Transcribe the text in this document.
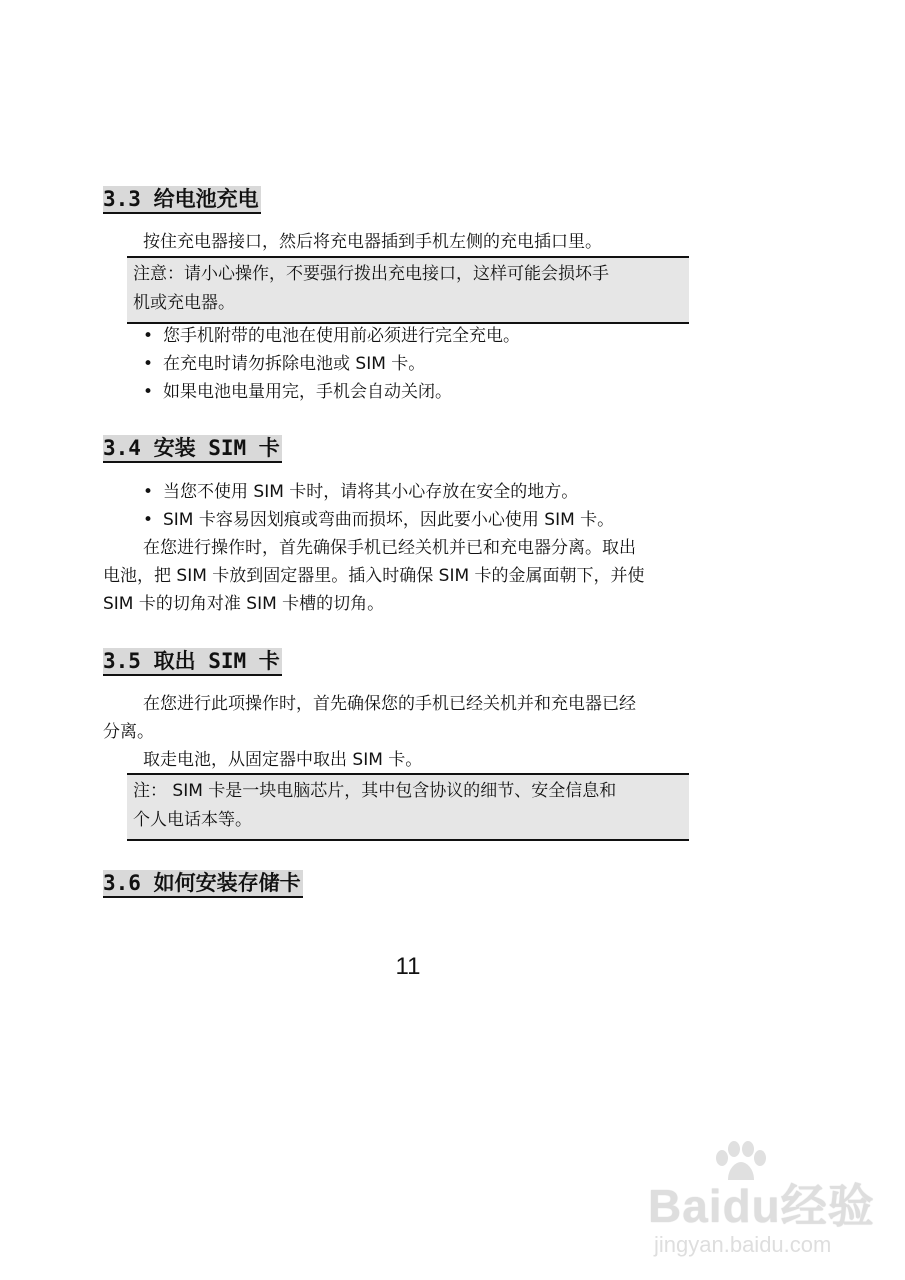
3.3 给电池充电
按住充电器接口，然后将充电器插到手机左侧的充电插口里。
注意：请小心操作，不要强行拨出充电接口，这样可能会损坏手
机或充电器。
• 您手机附带的电池在使用前必须进行完全充电。
• 在充电时请勿拆除电池或 SIM 卡。
• 如果电池电量用完，手机会自动关闭。
3.4 安装 SIM 卡
• 当您不使用 SIM 卡时，请将其小心存放在安全的地方。
• SIM 卡容易因划痕或弯曲而损坏，因此要小心使用 SIM 卡。
在您进行操作时，首先确保手机已经关机并已和充电器分离。取出
电池，把 SIM 卡放到固定器里。插入时确保 SIM 卡的金属面朝下，并使
SIM 卡的切角对准 SIM 卡槽的切角。
3.5 取出 SIM 卡
在您进行此项操作时，首先确保您的手机已经关机并和充电器已经
分离。
取走电池，从固定器中取出 SIM 卡。
注： SIM 卡是一块电脑芯片，其中包含协议的细节、安全信息和
个人电话本等。
3.6 如何安装存储卡
11
Baidu经验
jingyan.baidu.com
